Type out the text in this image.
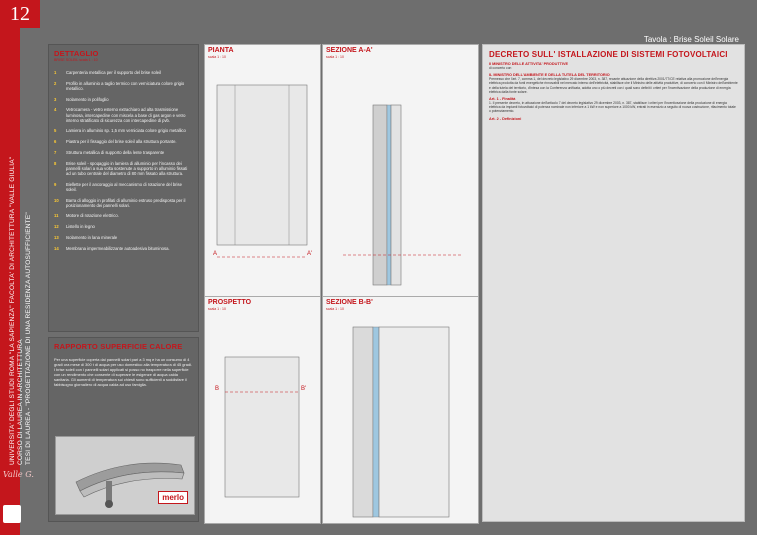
12
UNIVERSITA' DEGLI STUDI ROMA "LA SAPIENZA" FACOLTA' DI ARCHITETTURA "VALLE GIULIA" CORSO DI LAUREA IN ARCHITETTURA TESI DI LAUREA - "PROGETTAZIONE DI UNA RESIDENZA AUTOSUFFICIENTE"
Valle G.
Tavola : Brise Soleil Solare
DETTAGLIO
BRISE SOLEIL scala 1 : 10
1	Carpenteria metallica per il supporto del brise soleil
2	Profilo in alluminio a taglio termico con verniciatura colore grigio metallico.
3	Isolamento in polifoglio
4	Vetrocamera - vetro esterno extrachiaro ad alta trasmissione luminosa, intercapedine con miscela a base di gas argon e vetro interno stratificato di sicurezza con intercapedine di pvb.
5	Lamiera in alluminio sp. 1,5 mm verniciata colore grigio metallico
6	Piastra per il fissaggio del brise soleil alla struttura portante.
7	Struttura metallica di supporto della lente trasparente
8	Brise soleil - spoqaggio in lamiera di alluminio per l'incasso dei pannelli solari a sua volta sostenute a supporto in alluminio fissati ad un tubo centrale del diametro di 80 mm fissato alla struttura.
9	Biellette per il ancoraggio al meccanismo di rotazione del brise soleil.
10	Barra di alloggio in profilati di alluminio estruso predisposta per il posizionamento dei pannelli solari.
11	Motore di rotazione elettrico.
12	Listello in legno
13	Isolamento in lana minerale
14	Membrana impermeabilizzante autoadesiva bituminosa.
RAPPORTO SUPERFICIE CALORE
Per una superficie coperta dai pannelli solari pari a 3 mq e ha un consumo di 4 gradi ora mese di 300 t di acqua per uso domestico alla temperatura di 45 gradi. I brise soleil con i pannelli solari applicati si posso no trasporre nella superficie con un rendimento che consente di superare le esigenze di acqua calda sanitaria. Gli aumenti di temperatura sui chiesti sono sufficienti a soddisfare il fabbisogno giornaliero di acqua calda ad uso famiglia.
merlo
PIANTA
scala 1 : 10
A	A'
SEZIONE A-A'
scala 1 : 10
PROSPETTO
scala 1 : 10
B	B'
SEZIONE B-B'
scala 1 : 10
DECRETO SULL' ISTALLAZIONE DI SISTEMI FOTOVOLTAICI
Il MINISTRO DELLE ATTIVITA' PRODUTTIVE
di concerto con
IL MINISTRO DELL'AMBIENTE E DELLA TUTELA DEL TERRITORIO
Premesso che l'art. 7, comma 1, del decreto legislativo 29 dicembre 2003, n. 387, recante attuazione della direttiva 2001/77/CE relativa alla promozione dell'energia elettrica prodotta da fonti energetiche rinnovabili nel mercato interno dell'elettricità, stabilisce che il Ministro delle attività produttive, di concerto con il Ministro dell'ambiente e della tutela del territorio, d'intesa con la Conferenza unificata, adotta uno o più decreti con i quali sono definiti i criteri per l'incentivazione della produzione di energia elettrica dalla fonte solare.
Art. 1 - Finalità
1. Il presente decreto, in attuazione dell'articolo 7 del decreto legislativo 29 dicembre 2003, n. 387, stabilisce i criteri per l'incentivazione della produzione di energia elettrica da impianti fotovoltaici di potenza nominale non inferiore a 1 kW e non superiore a 1000 kW, entrati in esercizio a seguito di nuova costruzione, rifacimento totale o potenziamento.
Art. 2 - Definizioni
